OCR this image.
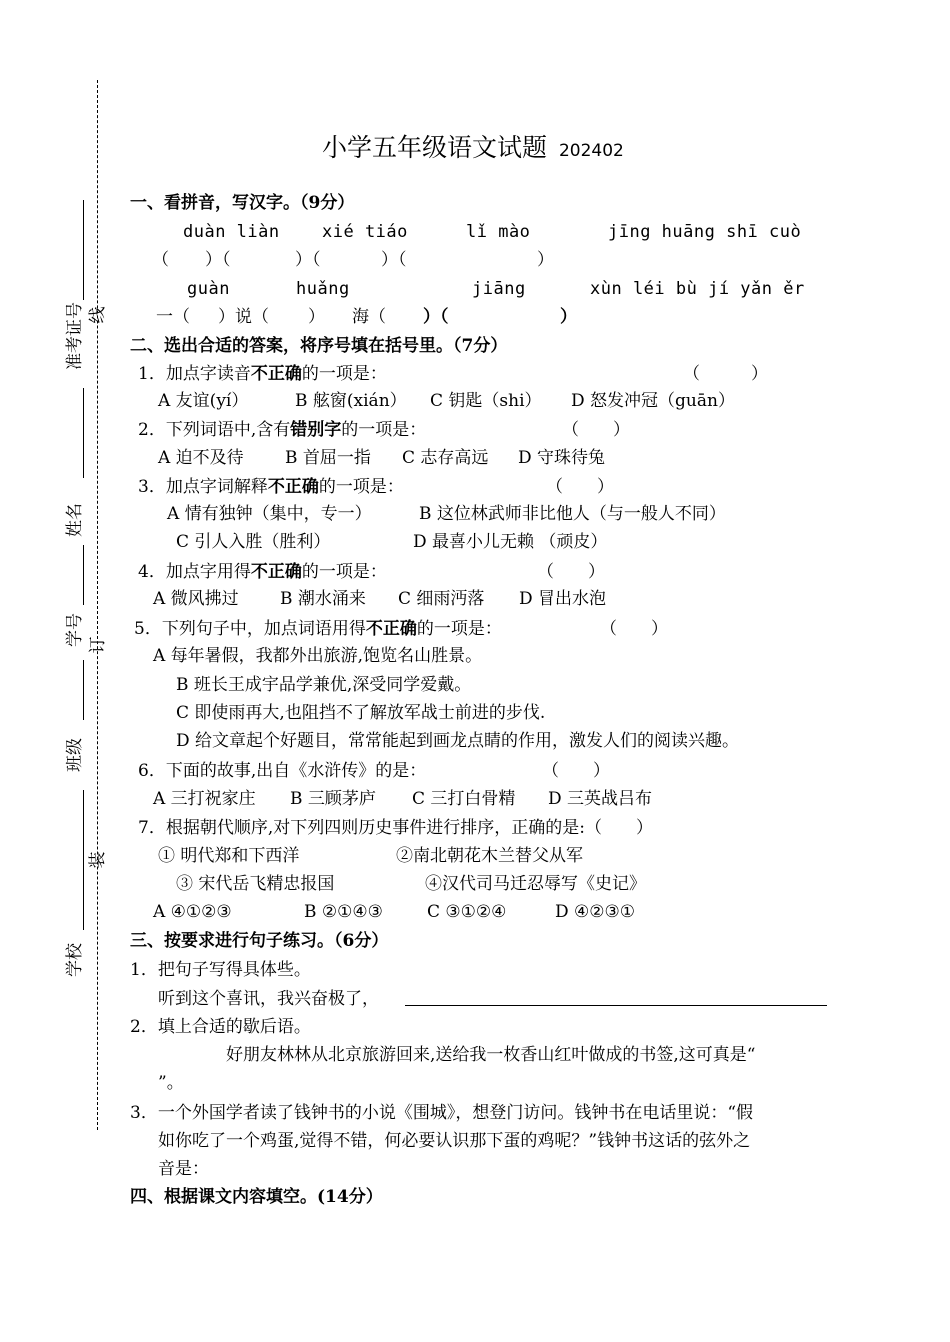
准考证号
姓名
学号
班级
学校
线
订
装
小学五年级语文试题 202402
一、看拼音，写汉字。（9分）
duàn liàn xié tiáo	lǐ mào	jīng huāng shī cuò
（ ）（	）（	）（	）
guàn	huǎng	jiāng	xùn léi bù jí yǎn ěr
一（ ）说（ ） 海（ ）（	）
二、选出合适的答案，将序号填在括号里。（7分）
1．加点字读音不正确的一项是：	（　　　）
A 友谊(yí）	B 舷窗(xián） C 钥匙（shi） D 怒发冲冠（guān）
2．下列词语中,含有错别字的一项是：	（　　）
A 迫不及待 B 首屈一指 C 志存高远 D 守珠待兔
3．加点字词解释不正确的一项是：	（　　）
A 情有独钟（集中，专一）	B 这位林武师非比他人（与一般人不同）
C 引人入胜（胜利）	D 最喜小儿无赖 （顽皮）
4．加点字用得不正确的一项是：	（　　）
A 微风拂过 B 潮水涌来 C 细雨沔落 D 冒出水泡
5．下列句子中，加点词语用得不正确的一项是：	（　　）
A 每年暑假，我都外出旅游,饱览名山胜景。
B 班长王成宇品学兼优,深受同学爱戴。
C 即使雨再大,也阻挡不了解放军战士前进的步伐.
D 给文章起个好题目，常常能起到画龙点睛的作用，激发人们的阅读兴趣。
6．下面的故事,出自《水浒传》的是：	（　　）
A 三打祝家庄 B 三顾茅庐 C 三打白骨精 D 三英战吕布
7．根据朝代顺序,对下列四则历史事件进行排序，正确的是:（　　）
① 明代郑和下西洋	②南北朝花木兰替父从军
③ 宋代岳飞精忠报国	④汉代司马迁忍辱写《史记》
A ④①②③	B ②①④③	C ③①②④	D ④②③①
三、按要求进行句子练习。（6分）
1．把句子写得具体些。
听到这个喜讯，我兴奋极了，
2．填上合适的歇后语。
好朋友林林从北京旅游回来,送给我一枚香山红叶做成的书签,这可真是“
”。
3．一个外国学者读了钱钟书的小说《围城》，想登门访问。钱钟书在电话里说：“假
如你吃了一个鸡蛋,觉得不错，何必要认识那下蛋的鸡呢？”钱钟书这话的弦外之
音是：
四、根据课文内容填空。(14分）
